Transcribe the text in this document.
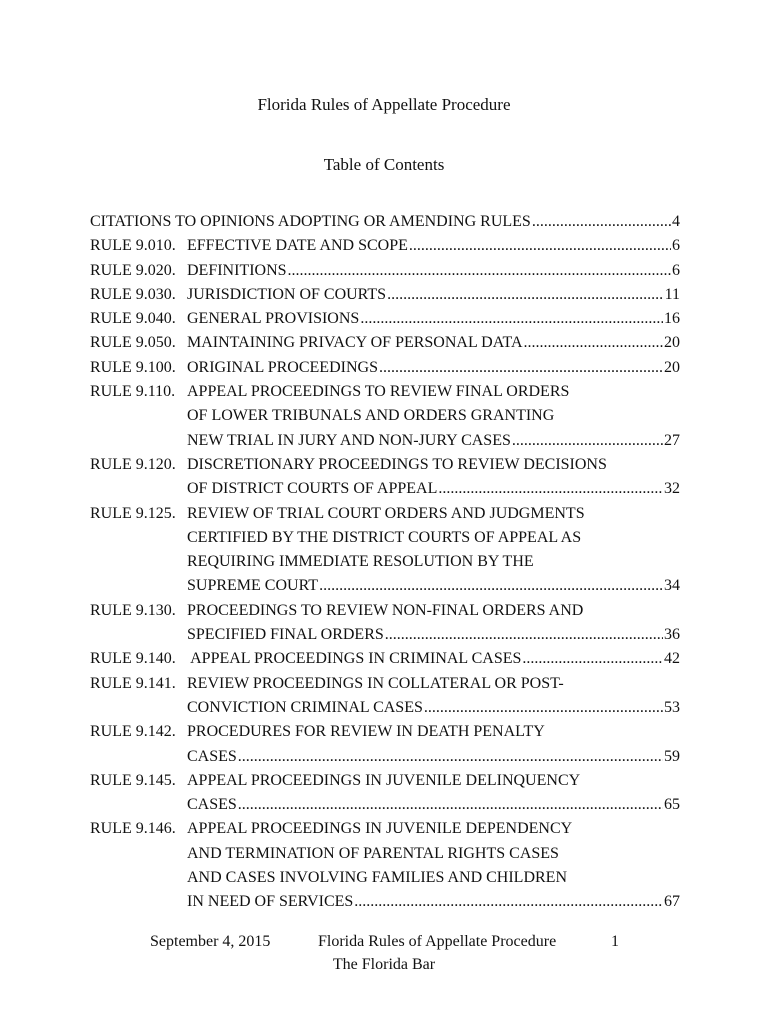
Florida Rules of Appellate Procedure
Table of Contents
CITATIONS TO OPINIONS ADOPTING OR AMENDING RULES .....	4
RULE 9.010. EFFECTIVE DATE AND SCOPE .....	6
RULE 9.020. DEFINITIONS .....	6
RULE 9.030. JURISDICTION OF COURTS .....	11
RULE 9.040. GENERAL PROVISIONS .....	16
RULE 9.050. MAINTAINING PRIVACY OF PERSONAL DATA .....	20
RULE 9.100. ORIGINAL PROCEEDINGS .....	20
RULE 9.110. APPEAL PROCEEDINGS TO REVIEW FINAL ORDERS
OF LOWER TRIBUNALS AND ORDERS GRANTING
NEW TRIAL IN JURY AND NON-JURY CASES .....	27
RULE 9.120. DISCRETIONARY PROCEEDINGS TO REVIEW DECISIONS
OF DISTRICT COURTS OF APPEAL .....	32
RULE 9.125. REVIEW OF TRIAL COURT ORDERS AND JUDGMENTS
CERTIFIED BY THE DISTRICT COURTS OF APPEAL AS
REQUIRING IMMEDIATE RESOLUTION BY THE
SUPREME COURT .....	34
RULE 9.130. PROCEEDINGS TO REVIEW NON-FINAL ORDERS AND
SPECIFIED FINAL ORDERS .....	36
RULE 9.140. APPEAL PROCEEDINGS IN CRIMINAL CASES .....	42
RULE 9.141. REVIEW PROCEEDINGS IN COLLATERAL OR POST-
CONVICTION CRIMINAL CASES .....	53
RULE 9.142. PROCEDURES FOR REVIEW IN DEATH PENALTY
CASES .....	59
RULE 9.145. APPEAL PROCEEDINGS IN JUVENILE DELINQUENCY
CASES .....	65
RULE 9.146. APPEAL PROCEEDINGS IN JUVENILE DEPENDENCY
AND TERMINATION OF PARENTAL RIGHTS CASES
AND CASES INVOLVING FAMILIES AND CHILDREN
IN NEED OF SERVICES .....	67
September 4, 2015	Florida Rules of Appellate Procedure	1
The Florida Bar
